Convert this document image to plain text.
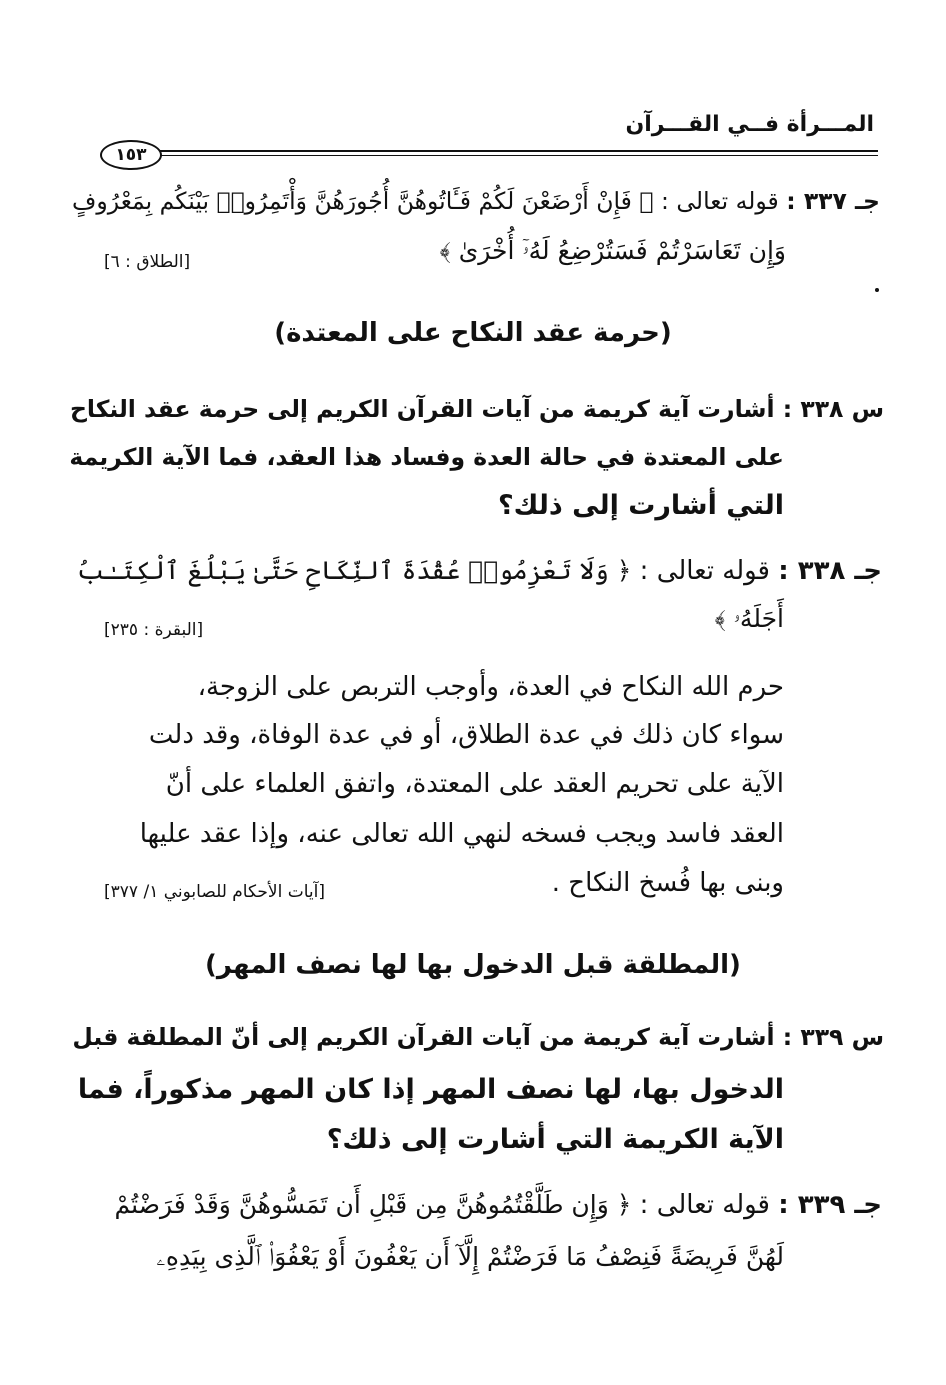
المـــرأة فــي القـــرآن
١٥٣
جـ ٣٣٧ : قوله تعالى : ﴿ فَإِنْ أَرْضَعْنَ لَكُمْ فَـَٔاتُوهُنَّ أُجُورَهُنَّ وَأْتَمِرُوا۟ بَيْنَكُم بِمَعْرُوفٍ
وَإِن تَعَاسَرْتُمْ فَسَتُرْضِعُ لَهُۥٓ أُخْرَىٰ ﴾
[الطلاق : ٦]
(حرمة عقد النكاح على المعتدة)
س ٣٣٨ : أشارت آية كريمة من آيات القرآن الكريم إلى حرمة عقد النكاح
على المعتدة في حالة العدة وفساد هذا العقد، فما الآية الكريمة
التي أشارت إلى ذلك؟
جـ ٣٣٨ : قوله تعالى : ﴿ وَلَا تَعْزِمُوا۟ عُقْدَةَ ٱلنِّكَاحِ حَتَّىٰ يَبْلُغَ ٱلْكِتَـٰبُ
أَجَلَهُۥ ﴾
[البقرة : ٢٣٥]
حرم الله النكاح في العدة، وأوجب التربص على الزوجة،
سواء كان ذلك في عدة الطلاق، أو في عدة الوفاة، وقد دلت
الآية على تحريم العقد على المعتدة، واتفق العلماء على أنّ
العقد فاسد ويجب فسخه لنهي الله تعالى عنه، وإذا عقد عليها
وبنى بها فُسخ النكاح .
[آيات الأحكام للصابوني ١/ ٣٧٧]
(المطلقة قبل الدخول بها لها نصف المهر)
س ٣٣٩ : أشارت آية كريمة من آيات القرآن الكريم إلى أنّ المطلقة قبل
الدخول بها، لها نصف المهر إذا كان المهر مذكوراً، فما
الآية الكريمة التي أشارت إلى ذلك؟
جـ ٣٣٩ : قوله تعالى : ﴿ وَإِن طَلَّقْتُمُوهُنَّ مِن قَبْلِ أَن تَمَسُّوهُنَّ وَقَدْ فَرَضْتُمْ
لَهُنَّ فَرِيضَةً فَنِصْفُ مَا فَرَضْتُمْ إِلَّآ أَن يَعْفُونَ أَوْ يَعْفُوَا۟ ٱلَّذِى بِيَدِهِۦ
